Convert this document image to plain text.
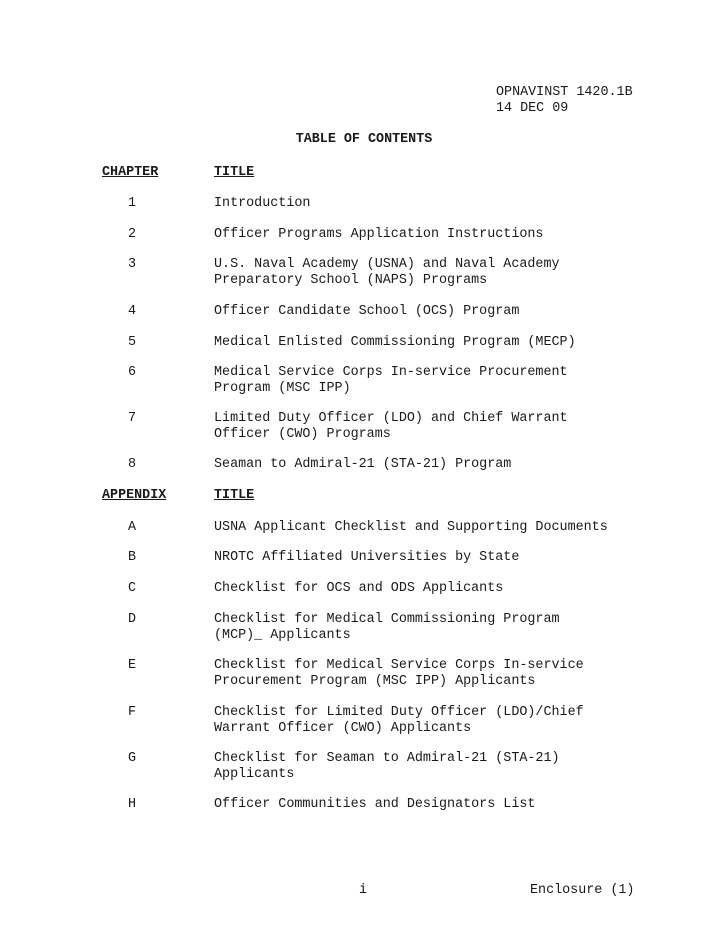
OPNAVINST 1420.1B
14 DEC 09
TABLE OF CONTENTS
CHAPTER	TITLE
1	Introduction
2	Officer Programs Application Instructions
3	U.S. Naval Academy (USNA) and Naval Academy
Preparatory School (NAPS) Programs
4	Officer Candidate School (OCS) Program
5	Medical Enlisted Commissioning Program (MECP)
6	Medical Service Corps In-service Procurement
Program (MSC IPP)
7	Limited Duty Officer (LDO) and Chief Warrant
Officer (CWO) Programs
8	Seaman to Admiral-21 (STA-21) Program
APPENDIX	TITLE
A	USNA Applicant Checklist and Supporting Documents
B	NROTC Affiliated Universities by State
C	Checklist for OCS and ODS Applicants
D	Checklist for Medical Commissioning Program
(MCP)_ Applicants
E	Checklist for Medical Service Corps In-service
Procurement Program (MSC IPP) Applicants
F	Checklist for Limited Duty Officer (LDO)/Chief
Warrant Officer (CWO) Applicants
G	Checklist for Seaman to Admiral-21 (STA-21)
Applicants
H	Officer Communities and Designators List
i	Enclosure (1)
